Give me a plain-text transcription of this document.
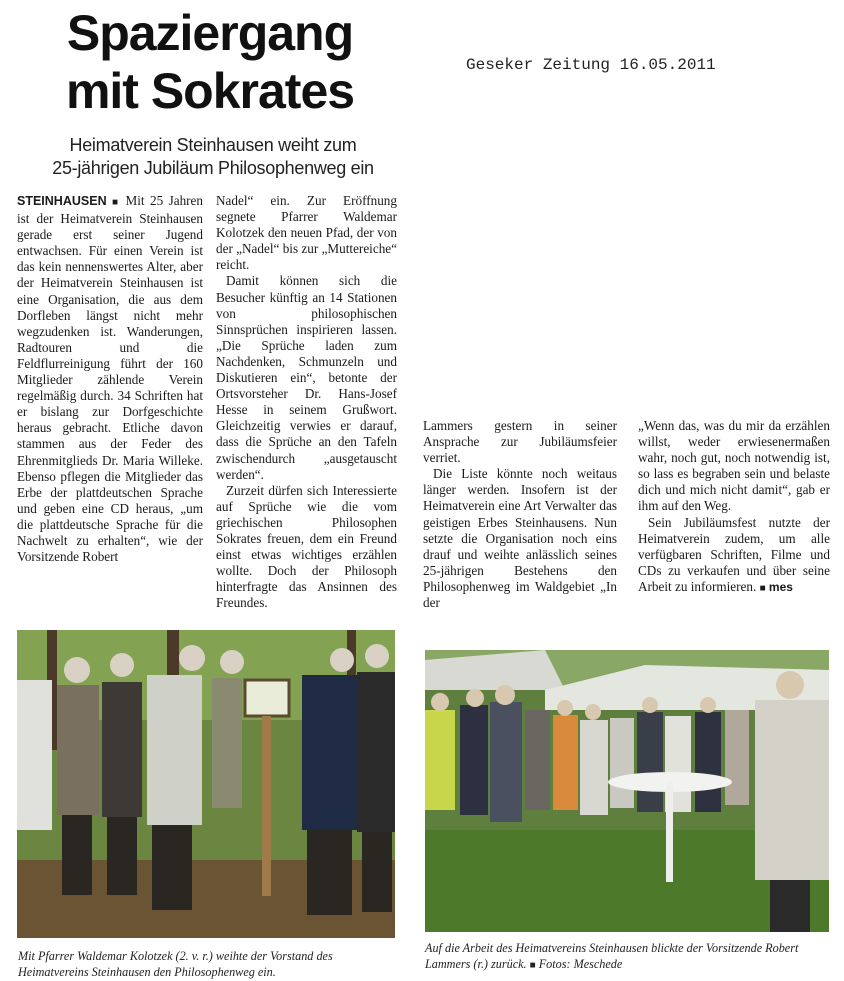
Spaziergang
mit Sokrates	Geseker Zeitung 16.05.2011
Heimatverein Steinhausen weiht zum
25-jährigen Jubiläum Philosophenweg ein

STEINHAUSEN ■ Mit 25 Jahren ist der Heimatverein Steinhausen gerade erst seiner Jugend entwachsen. Für einen Verein ist das kein nennenswertes Alter, aber der Heimatverein Steinhausen ist eine Organisation, die aus dem Dorfleben längst nicht mehr wegzudenken ist. Wanderungen, Radtouren und die Feldflurreinigung führt der 160 Mitglieder zählende Verein regelmäßig durch. 34 Schriften hat er bislang zur Dorfgeschichte heraus gebracht. Etliche davon stammen aus der Feder des Ehrenmitglieds Dr. Maria Willeke. Ebenso pflegen die Mitglieder das Erbe der plattdeutschen Sprache und geben eine CD heraus, „um die plattdeutsche Sprache für die Nachwelt zu erhalten“, wie der Vorsitzende Robert

Nadel“ ein. Zur Eröffnung segnete Pfarrer Waldemar Kolotzek den neuen Pfad, der von der „Nadel“ bis zur „Muttereiche“ reicht.

Damit können sich die Besucher künftig an 14 Stationen von philosophischen Sinnsprüchen inspirieren lassen. „Die Sprüche laden zum Nachdenken, Schmunzeln und Diskutieren ein“, betonte der Ortsvorsteher Dr. Hans-Josef Hesse in seinem Grußwort. Gleichzeitig verwies er darauf, dass die Sprüche an den Tafeln zwischendurch „ausgetauscht werden“.

Zurzeit dürfen sich Interessierte auf Sprüche wie die vom griechischen Philosophen Sokrates freuen, dem ein Freund einst etwas wichtiges erzählen wollte. Doch der Philosoph hinterfragte das Ansinnen des Freundes.

Lammers gestern in seiner Ansprache zur Jubiläumsfeier verriet.

Die Liste könnte noch weitaus länger werden. Insofern ist der Heimatverein eine Art Verwalter das geistigen Erbes Steinhausens. Nun setzte die Organisation noch eins drauf und weihte anlässlich seines 25-jährigen Bestehens den Philosophenweg im Waldgebiet „In der

„Wenn das, was du mir da erzählen willst, weder erwiesenermaßen wahr, noch gut, noch notwendig ist, so lass es begraben sein und belaste dich und mich nicht damit“, gab er ihm auf den Weg.

Sein Jubiläumsfest nutzte der Heimatverein zudem, um alle verfügbaren Schriften, Filme und CDs zu verkaufen und über seine Arbeit zu informieren. ■ mes

Mit Pfarrer Waldemar Kolotzek (2. v. r.) weihte der Vorstand des Heimatvereins Steinhausen den Philosophenweg ein.
Auf die Arbeit des Heimatvereins Steinhausen blickte der Vorsitzende Robert Lammers (r.) zurück. ■ Fotos: Meschede
